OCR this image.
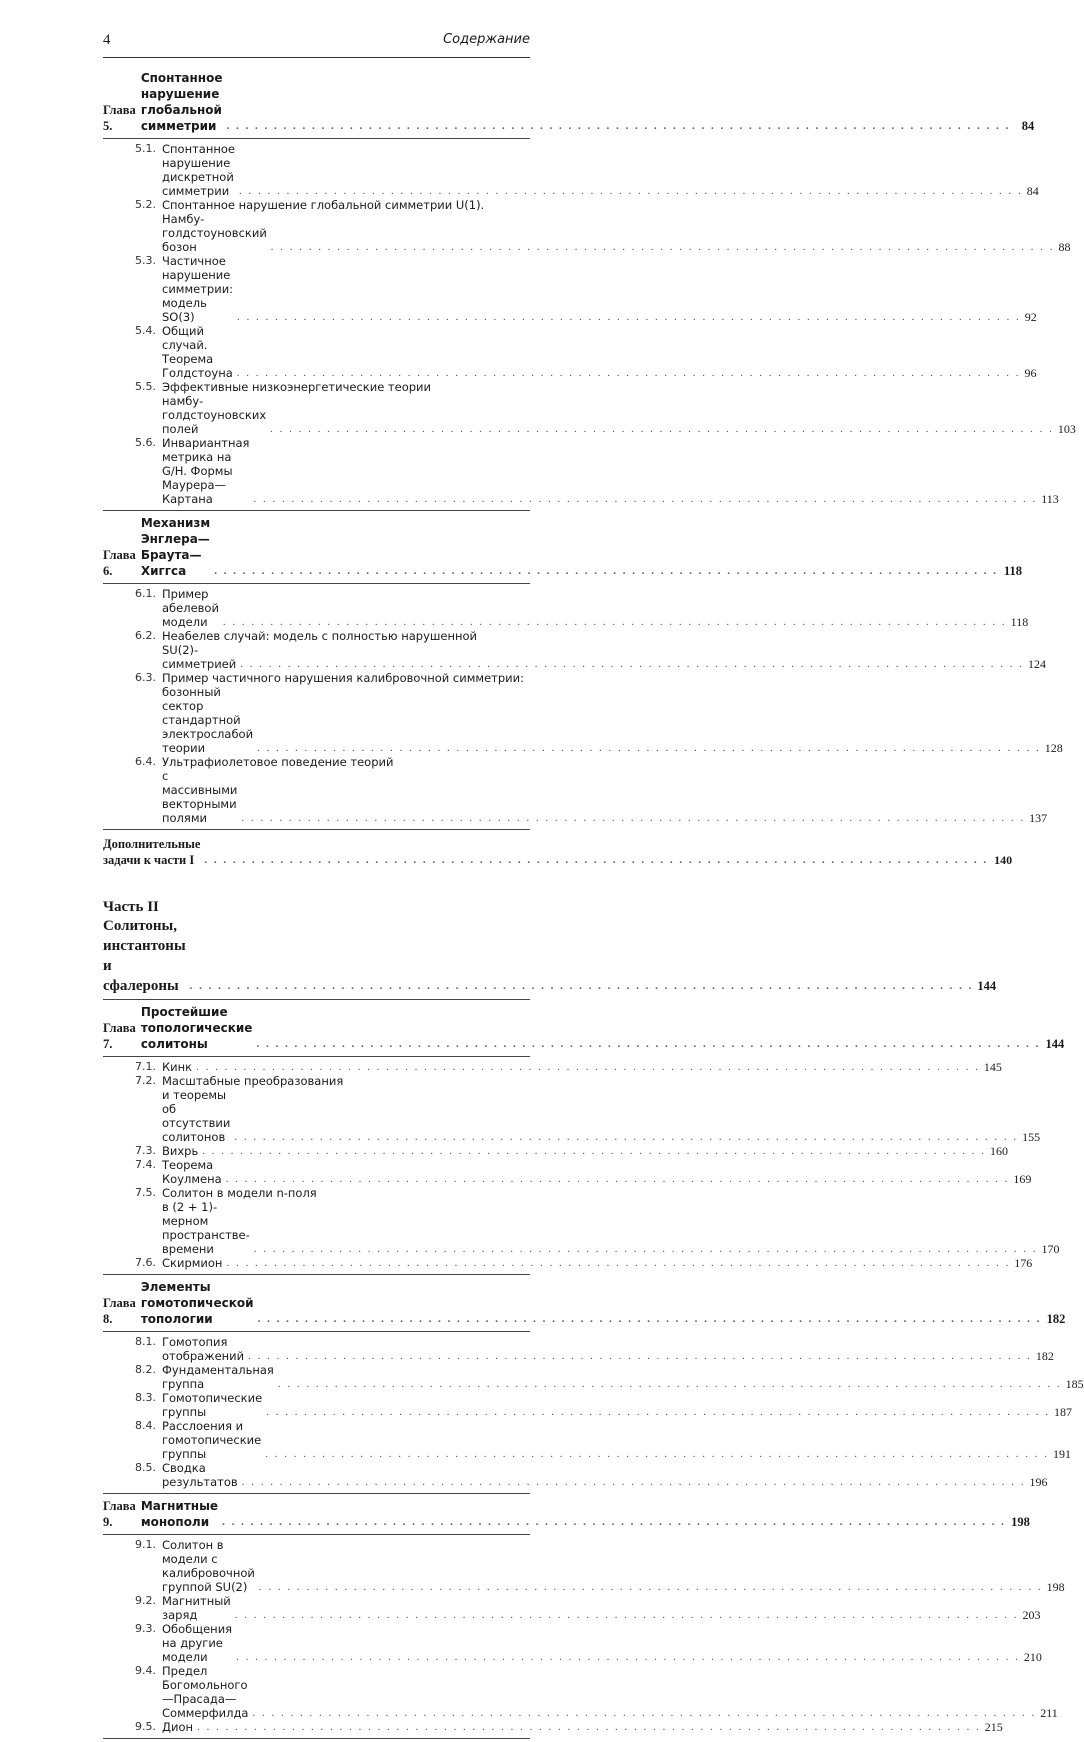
4	Содержание
Глава 5.
Спонтанное нарушение глобальной симметрии . . .	84
5.1. Спонтанное нарушение дискретной симметрии . . .	84
5.2. Спонтанное нарушение глобальной симметрии U(1).
Намбу-голдстоуновский бозон . . .	88
5.3. Частичное нарушение симметрии: модель SO(3) . . .	92
5.4. Общий случай. Теорема Голдстоуна . . .	96
5.5. Эффективные низкоэнергетические теории
намбу-голдстоуновских полей . . .	103
5.6. Инвариантная метрика на G/H. Формы Маурера—Картана . . .	113
Глава 6.
Механизм Энглера—Браута—Хиггса . . .	118
6.1. Пример абелевой модели . . .	118
6.2. Неабелев случай: модель с полностью нарушенной
SU(2)-симметрией . . .	124
6.3. Пример частичного нарушения калибровочной симметрии:
бозонный сектор стандартной электрослабой теории . . .	128
6.4. Ультрафиолетовое поведение теорий
с массивными векторными полями . . .	137
Дополнительные задачи к части I . . .	140
Часть II
Солитоны, инстантоны и сфалероны . . .	144
Глава 7.
Простейшие топологические солитоны . . .	144
7.1. Кинк . . .	145
7.2. Масштабные преобразования
и теоремы об отсутствии солитонов . . .	155
7.3. Вихрь . . .	160
7.4. Теорема Коулмена . . .	169
7.5. Солитон в модели n-поля
в (2 + 1)-мерном пространстве-времени . . .	170
7.6. Скирмион . . .	176
Глава 8.
Элементы гомотопической топологии . . .	182
8.1. Гомотопия отображений . . .	182
8.2. Фундаментальная группа . . .	185
8.3. Гомотопические группы . . .	187
8.4. Расслоения и гомотопические группы . . .	191
8.5. Сводка результатов . . .	196
Глава 9.
Магнитные монополи . . .	198
9.1. Солитон в модели с калибровочной группой SU(2) . . .	198
9.2. Магнитный заряд . . .	203
9.3. Обобщения на другие модели . . .	210
9.4. Предел Богомольного—Прасада—Соммерфилда . . .	211
9.5. Дион . . .	215
